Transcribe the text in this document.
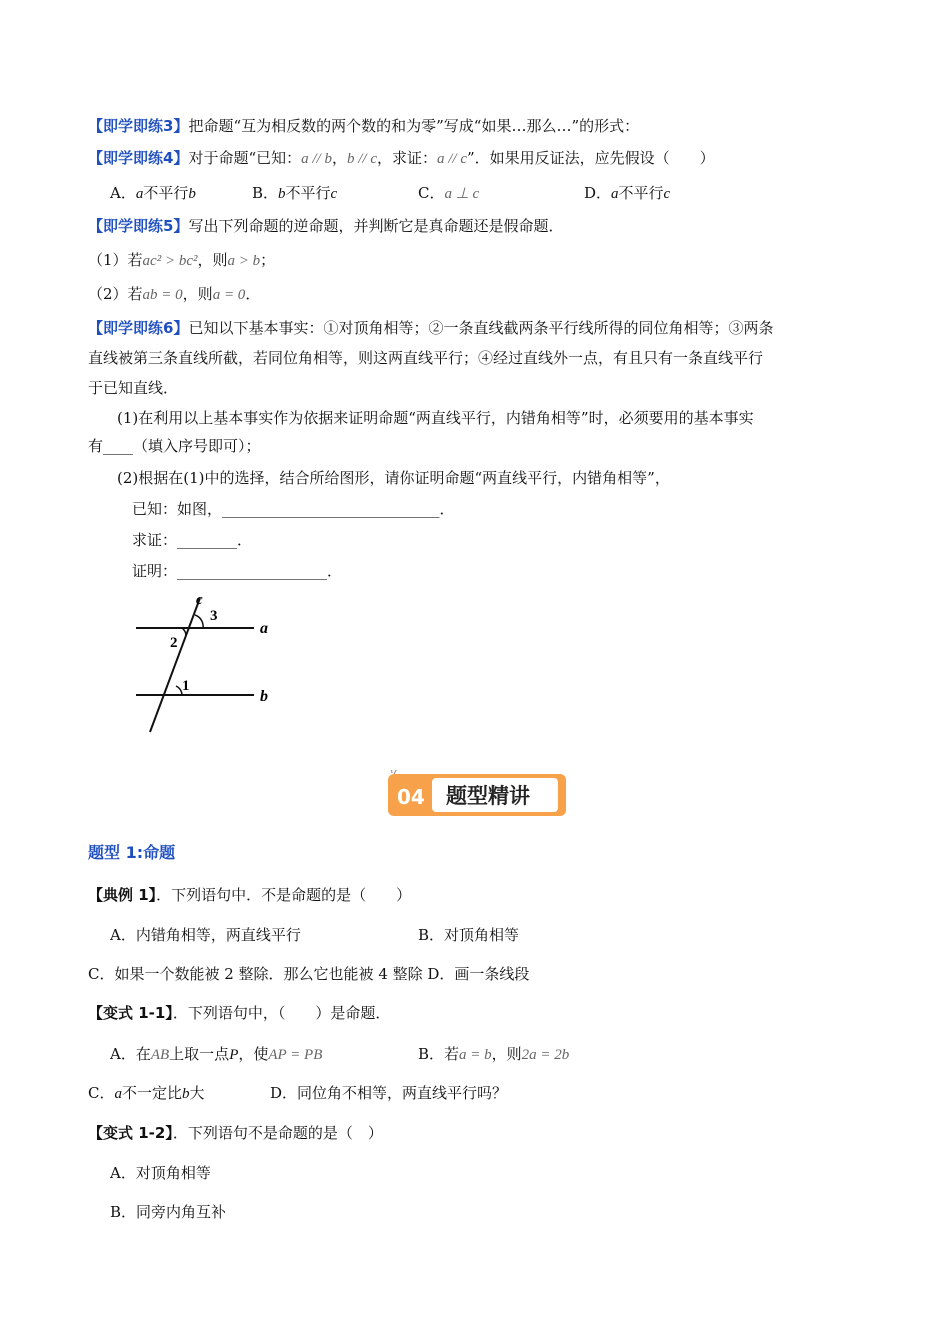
【即学即练3】把命题“互为相反数的两个数的和为零”写成“如果…那么…”的形式：
【即学即练4】对于命题“已知：a // b，b // c，求证：a // c”．如果用反证法，应先假设（　　）
A．a不平行b	B．b不平行c	C．a ⊥ c	D．a不平行c
【即学即练5】写出下列命题的逆命题，并判断它是真命题还是假命题．
（1）若ac² > bc²，则a > b；
（2）若ab = 0，则a = 0．
【即学即练6】已知以下基本事实：①对顶角相等；②一条直线截两条平行线所得的同位角相等；③两条
直线被第三条直线所截，若同位角相等，则这两直线平行；④经过直线外一点，有且只有一条直线平行
于已知直线．
(1)在利用以上基本事实作为依据来证明命题“两直线平行，内错角相等”时，必须要用的基本事实
有____（填入序号即可）；
(2)根据在(1)中的选择，结合所给图形，请你证明命题“两直线平行，内错角相等”，
已知：如图，_____________________________．
求证：________．
证明：____________________．
c
3
2
a
1
b
04 题型精讲
题型 1:命题
【典例 1】．下列语句中．不是命题的是（　　）
A．内错角相等，两直线平行	B．对顶角相等
C．如果一个数能被 2 整除．那么它也能被 4 整除 D．画一条线段
【变式 1-1】．下列语句中，（　　）是命题．
A．在AB上取一点P，使AP = PB	B．若a = b，则2a = 2b
C．a不一定比b大	D．同位角不相等，两直线平行吗？
【变式 1-2】．下列语句不是命题的是（　）
A．对顶角相等
B．同旁内角互补
